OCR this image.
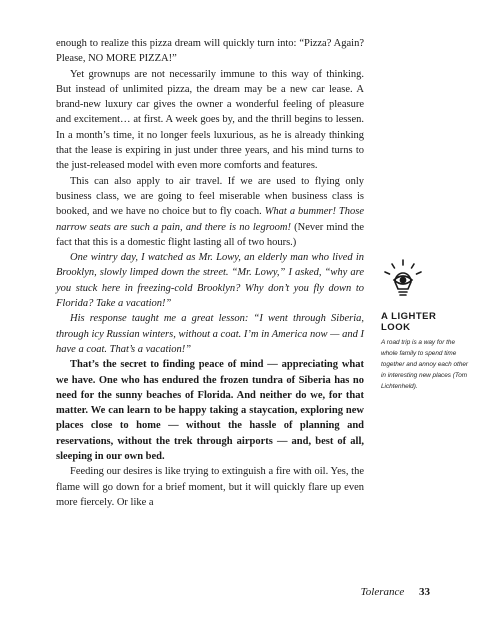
enough to realize this pizza dream will quickly turn into: “Pizza? Again? Please, NO MORE PIZZA!”

Yet grownups are not necessarily immune to this way of thinking. But instead of unlimited pizza, the dream may be a new car lease. A brand-new luxury car gives the owner a wonderful feeling of pleasure and excitement… at first. A week goes by, and the thrill begins to lessen. In a month’s time, it no longer feels luxurious, as he is already thinking that the lease is expiring in just under three years, and his mind turns to the just-released model with even more comforts and features.

This can also apply to air travel. If we are used to flying only business class, we are going to feel miserable when business class is booked, and we have no choice but to fly coach. What a bummer! Those narrow seats are such a pain, and there is no legroom! (Never mind the fact that this is a domestic flight lasting all of two hours.)

One wintry day, I watched as Mr. Lowy, an elderly man who lived in Brooklyn, slowly limped down the street. “Mr. Lowy,” I asked, “why are you stuck here in freezing-cold Brooklyn? Why don’t you fly down to Florida? Take a vacation!”

His response taught me a great lesson: “I went through Siberia, through icy Russian winters, without a coat. I’m in America now — and I have a coat. That’s a vacation!”

That’s the secret to finding peace of mind — appreciating what we have. One who has endured the frozen tundra of Siberia has no need for the sunny beaches of Florida. And neither do we, for that matter. We can learn to be happy taking a staycation, exploring new places close to home — without the hassle of planning and reservations, without the trek through airports — and, best of all, sleeping in our own bed.

Feeding our desires is like trying to extinguish a fire with oil. Yes, the flame will go down for a brief moment, but it will quickly flare up even more fiercely. Or like a

A LIGHTER
LOOK

A road trip is a way for the whole family to spend time together and annoy each other in interesting new places (Tom Lichtenheld).

Tolerance 33
